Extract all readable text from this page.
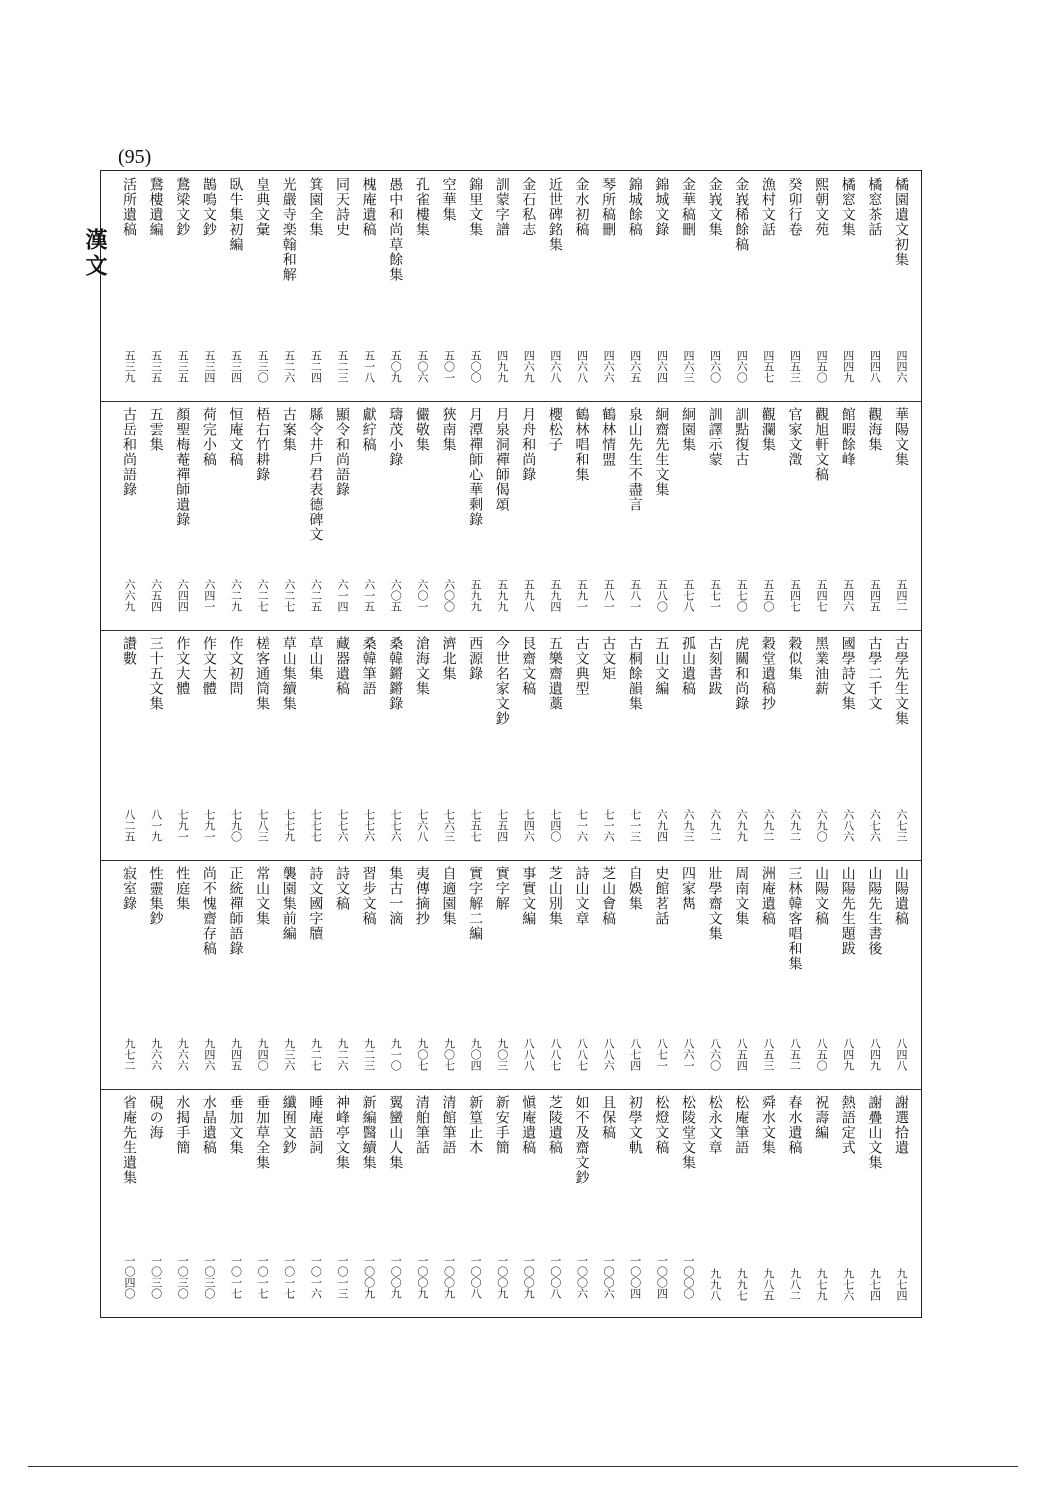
(95)
漢文	橘園遺文初集
四四六
橘窓茶話
四四八
橘窓文集
四四九
熙朝文苑
四五〇
癸卯行卷
四五三
漁村文話
四五七
金峩稀餘稿
四六〇
金峩文集
四六〇
金華稿刪
四六三
錦城文錄
四六四
錦城餘稿
四六五
琴所稿刪
四六六
金水初稿
四六八
近世碑銘集
四六八
金石私志
四六九
訓蒙字譜
四九九
錦里文集
五〇〇
空華集
五〇一
孔雀樓集
五〇六
愚中和尚草餘集
五〇九
槐庵遺稿
五一八
同天詩史
五二三
箕園全集
五二四
光嚴寺楽翰和解
五二六
皇典文彙
五三〇
臥牛集初編
五三四
鵲鳴文鈔
五三四
鵞梁文鈔
五三五
鵞樓遺編
五三五
活所遺稿
五三九
華陽文集
五四二
觀海集
五四五
館暇餘峰
五四六
觀旭軒文稿
五四七
官家文澂
五四七
觀瀾集
五五〇
訓點復古
五七〇
訓譯示蒙
五七一
絅園集
五七八
絅齋先生文集
五八〇
泉山先生不盡言
五八一
鶴林情盟
五八一
鶴林唱和集
五九一
櫻松子
五九四
月舟和尚錄
五九八
月泉洞禪師偈頌
五九九
月潭禪師心華剩錄
五九九
狹南集
六〇〇
儼敬集
六〇一
璹茂小錄
六〇五
獻紵稿
六一五
顯令和尚語錄
六一四
縣令井戶君表德碑文
六二五
古案集
六二七
梧右竹耕錄
六二七
恒庵文稿
六二九
荷完小稿
六四一
顏聖梅菴禪師遺錄
六四四
五雲集
六五四
古岳和尚語錄
六六九
古學先生文集
六七三
古學二千文
六七六
國學詩文集
六八六
黑業油薪
六九〇
穀似集
六九二
穀堂遺稿抄
六九二
虎關和尚錄
六九九
古刻書跋
六九二
孤山遺稿
六九三
五山文編
六九四
古桐餘韻集
七一三
古文矩
七一六
古文典型
七一六
五樂齋遺藁
七四〇
艮齋文稿
七四六
今世名家文鈔
七五四
西源錄
七五七
濟北集
七六三
滄海文集
七六八
桑韓鏘鏘錄
七七六
桑韓筆語
七七六
藏器遺稿
七七六
草山集
七七七
草山集續集
七七九
槎客通筒集
七八三
作文初問
七九〇
作文大體
七九一
作文大體
七九一
三十五文集
八一九
讚數
八二五
山陽遺稿
八四八
山陽先生書後
八四九
山陽先生題跋
八四九
山陽文稿
八五〇
三林韓客唱和集
八五二
洲庵遺稿
八五三
周南文集
八五四
壯學齋文集
八六〇
四家雋
八六一
史館茗話
八七一
自娛集
八七四
芝山會稿
八八六
詩山文章
八八七
芝山別集
八八七
事實文編
八八八
實字解
九〇三
實字解二編
九〇四
自適園集
九〇七
夷傳摘抄
九〇七
集古一滴
九一〇
習步文稿
九二三
詩文稿
九二六
詩文國字牘
九二七
襲園集前編
九三六
常山文集
九四〇
正統禪師語錄
九四五
尚不愧齋存稿
九四六
性庭集
九六六
性靈集鈔
九六六
寂室錄
九七二
謝選拾遺
九七四
謝疊山文集
九七四
熱語定式
九七六
祝壽編
九七九
春水遺稿
九八二
舜水文集
九八五
松庵筆語
九九七
松永文章
九九八
松陵堂文集
一〇〇〇
松燈文稿
一〇〇四
初學文軌
一〇〇四
且保稿
一〇〇六
如不及齋文鈔
一〇〇六
芝陵遺稿
一〇〇八
愼庵遺稿
一〇〇九
新安手簡
一〇〇九
新篁止木
一〇〇八
清館筆語
一〇〇九
清舶筆話
一〇〇九
翼蠻山人集
一〇〇九
新編醫續集
一〇〇九
神峰亭文集
一〇一三
睡庵語詞
一〇一六
纖囿文鈔
一〇一七
垂加草全集
一〇一七
垂加文集
一〇一七
水晶遺稿
一〇三〇
水揭手簡
一〇三〇
硯の海
一〇三〇
省庵先生遺集
一〇四〇
